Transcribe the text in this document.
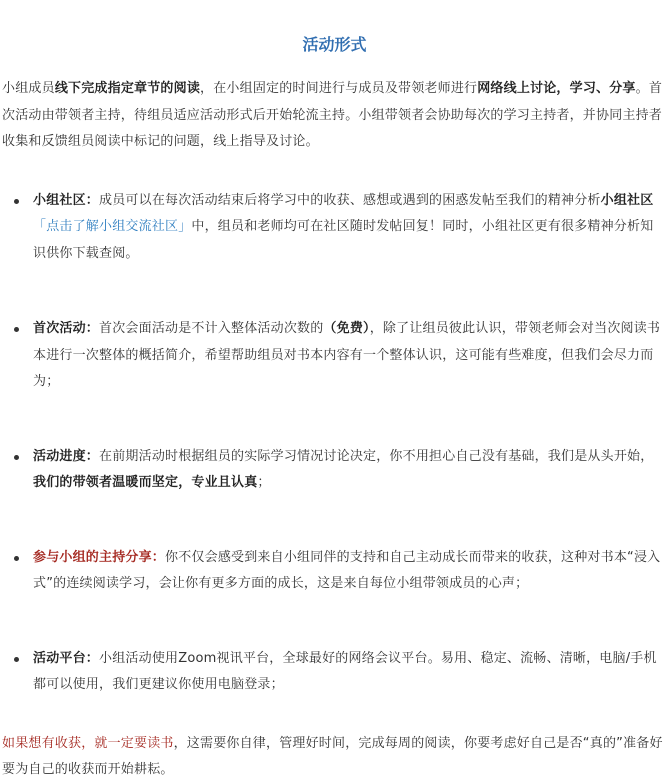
活动形式

小组成员线下完成指定章节的阅读，在小组固定的时间进行与成员及带领老师进行网络线上讨论，学习、分享。首次活动由带领者主持，待组员适应活动形式后开始轮流主持。小组带领者会协助每次的学习主持者，并协同主持者收集和反馈组员阅读中标记的问题，线上指导及讨论。

小组社区：成员可以在每次活动结束后将学习中的收获、感想或遇到的困惑发帖至我们的精神分析小组社区「点击了解小组交流社区」中，组员和老师均可在社区随时发帖回复！同时，小组社区更有很多精神分析知识供你下载查阅。
首次活动：首次会面活动是不计入整体活动次数的（免费），除了让组员彼此认识，带领老师会对当次阅读书本进行一次整体的概括简介，希望帮助组员对书本内容有一个整体认识，这可能有些难度，但我们会尽力而为；
活动进度：在前期活动时根据组员的实际学习情况讨论决定，你不用担心自己没有基础，我们是从头开始，我们的带领者温暖而坚定，专业且认真；
参与小组的主持分享：你不仅会感受到来自小组同伴的支持和自己主动成长而带来的收获，这种对书本“浸入式”的连续阅读学习，会让你有更多方面的成长，这是来自每位小组带领成员的心声；
活动平台：小组活动使用Zoom视讯平台，全球最好的网络会议平台。易用、稳定、流畅、清晰，电脑/手机都可以使用，我们更建议你使用电脑登录；

如果想有收获，就一定要读书，这需要你自律，管理好时间，完成每周的阅读，你要考虑好自己是否“真的”准备好要为自己的收获而开始耕耘。
